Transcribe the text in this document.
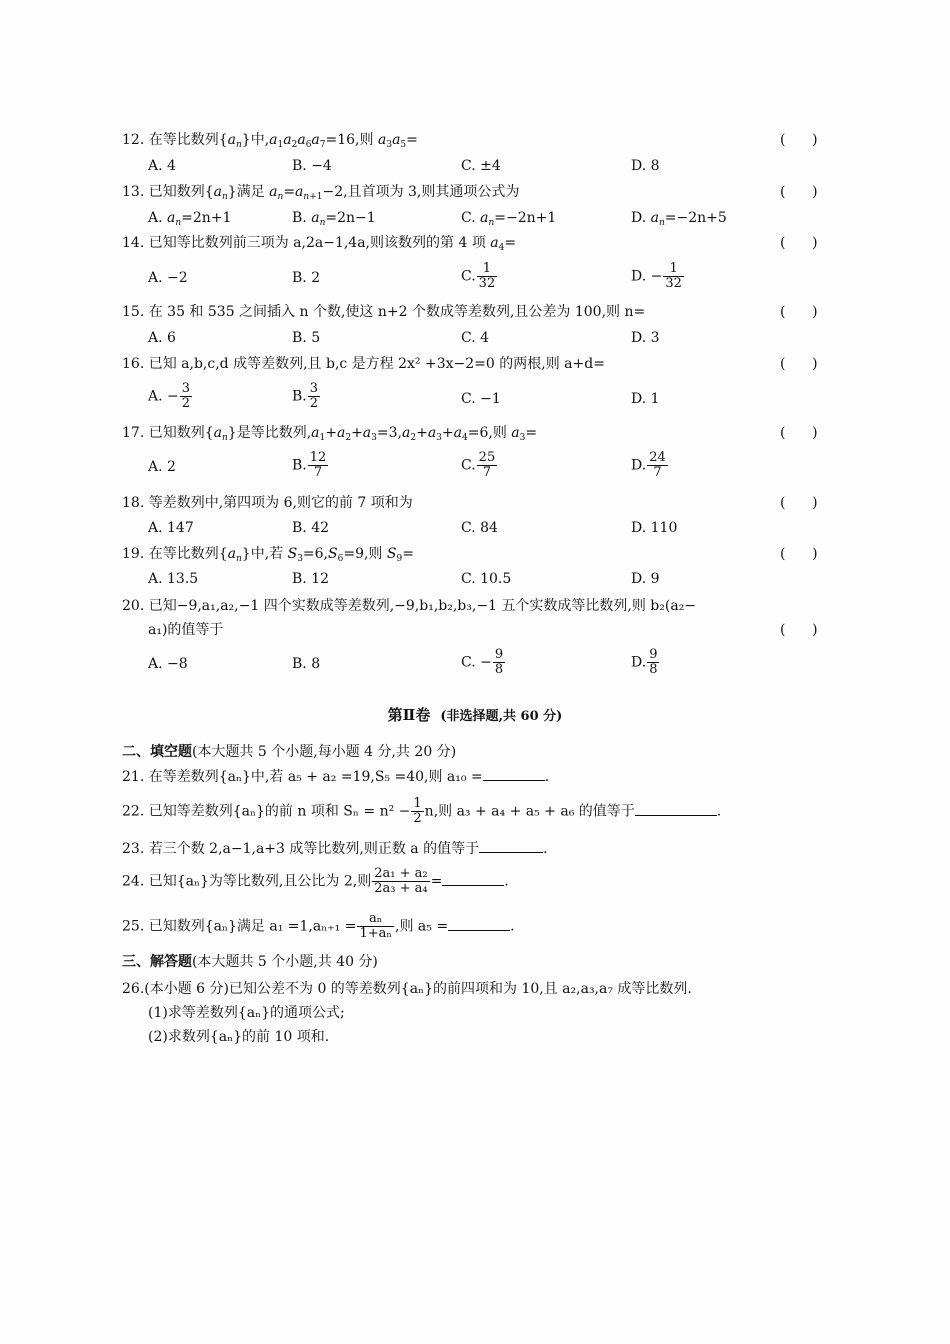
12. 在等比数列$\{a_n\}$中$,a_1a_2a_6a_7=16$,则 $a_3a_5=$	(      )
A. 4	B. −4	C. ±4	D. 8
13. 已知数列$\{a_n\}$满足 $a_n=a_{n+1}-2$,且首项为 3,则其通项公式为	(      )
A. $a_n=2n+1$	B. $a_n=2n-1$	C. $a_n=-2n+1$	D. $a_n=-2n+5$
14. 已知等比数列前三项为 a,2a−1,4a,则该数列的第 4 项 $a_4=$	(      )
A. −2	B. 2	C. $\frac{1}{32}$	D. − $\frac{1}{32}$
15. 在 35 和 535 之间插入 n 个数,使这 n+2 个数成等差数列,且公差为 100,则 n=	(      )
A. 6	B. 5	C. 4	D. 3
16. 已知 a,b,c,d 成等差数列,且 b,c 是方程 2x² +3x−2=0 的两根,则 a+d=	(      )
A. − $\frac{3}{2}$	B. $\frac{3}{2}$	C. −1	D. 1
17. 已知数列$\{a_n\}$是等比数列$,a_1+a_2+a_3=3,a_2+a_3+a_4=6$,则 $a_3=$	(      )
A. 2	B. $\frac{12}{7}$	C. $\frac{25}{7}$	D. $\frac{24}{7}$
18. 等差数列中,第四项为 6,则它的前 7 项和为	(      )
A. 147	B. 42	C. 84	D. 110
19. 在等比数列$\{a_n\}$中,若 $S_3=6,S_6=9$,则 $S_9=$	(      )
A. 13.5	B. 12	C. 10.5	D. 9
20. 已知−9,a₁,a₂,−1 四个实数成等差数列,−9,b₁,b₂,b₃,−1 五个实数成等比数列,则 b₂(a₂−
a₁)的值等于	(      )
A. −8	B. 8	C. − $\frac{9}{8}$	D. $\frac{9}{8}$
第Ⅱ卷 (非选择题,共 60 分)
二、填空题(本大题共 5 个小题,每小题 4 分,共 20 分)
21. 在等差数列{aₙ}中,若 a₅ + a₂ =19,S₅ =40,则 a₁₀ =	.
22. 已知等差数列{aₙ}的前 n 项和 $S_n = n^2 - \frac{1}{2} n$,则 a₃ + a₄ + a₅ + a₆ 的值等于	.
23. 若三个数 2,a−1,a+3 成等比数列,则正数 a 的值等于	.
24. 已知{aₙ}为等比数列,且公比为 2,则 $\frac{\text{2a₁ + a₂}}{\text{2a₃ + a₄}}$ =	.
25. 已知数列{aₙ}满足 $a_1 =1,a_{n+1} = \frac{\text{aₙ}}{\text{1+aₙ}}$ ,则 a₅ =	.
三、解答题(本大题共 5 个小题,共 40 分)
26.(本小题 6 分)已知公差不为 0 的等差数列{aₙ}的前四项和为 10,且 a₂,a₃,a₇ 成等比数列.
(1)求等差数列{aₙ}的通项公式;
(2)求数列{aₙ}的前 10 项和.
